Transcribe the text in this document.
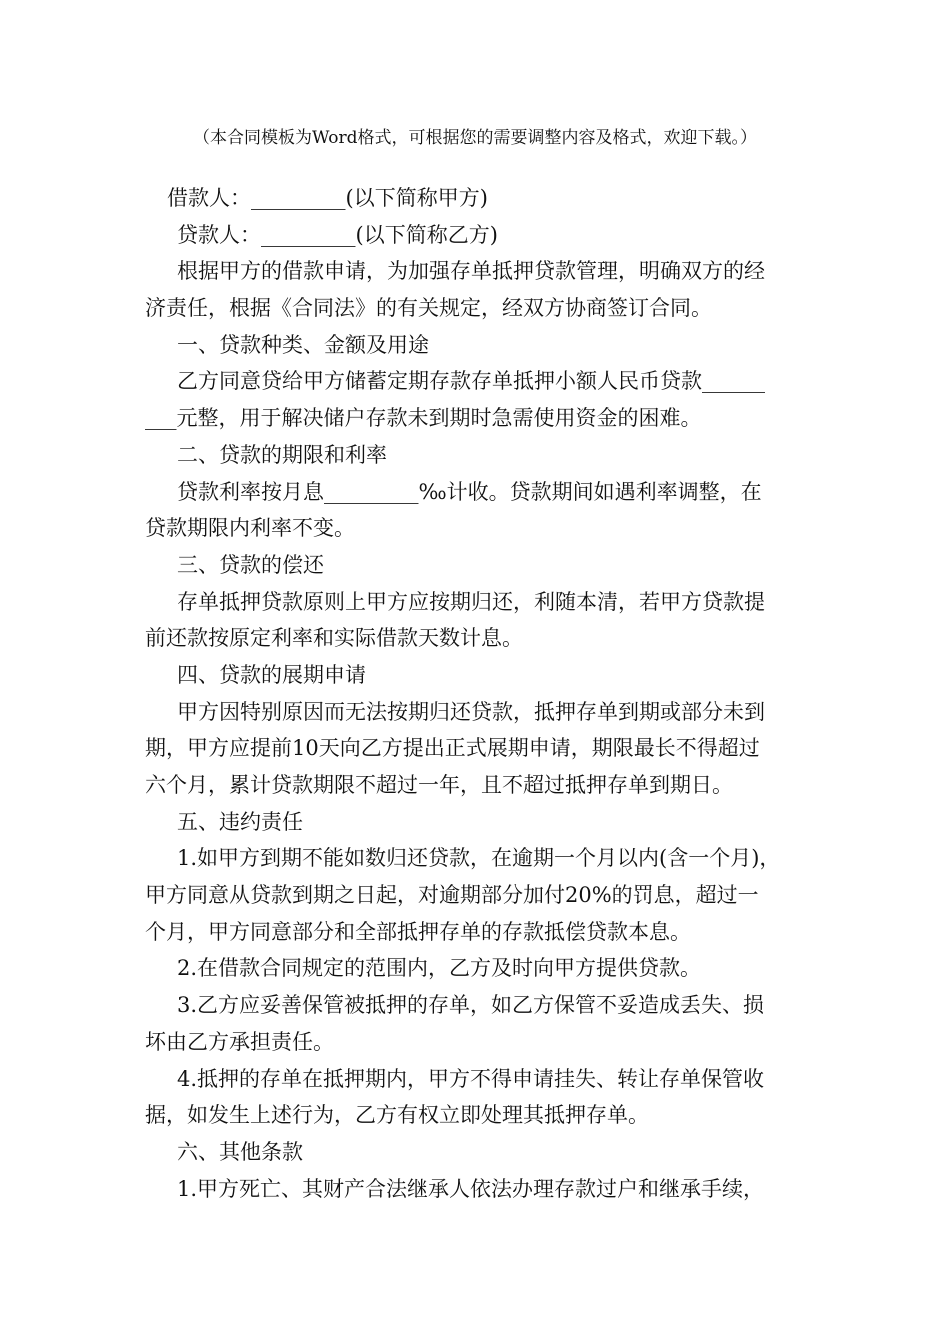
（本合同模板为Word格式，可根据您的需要调整内容及格式，欢迎下载。）
借款人：_________(以下简称甲方)
贷款人：_________(以下简称乙方)
根据甲方的借款申请，为加强存单抵押贷款管理，明确双方的经
济责任，根据《合同法》的有关规定，经双方协商签订合同。
一、贷款种类、金额及用途
乙方同意贷给甲方储蓄定期存款存单抵押小额人民币贷款______
___元整，用于解决储户存款未到期时急需使用资金的困难。
二、贷款的期限和利率
贷款利率按月息_________‰计收。贷款期间如遇利率调整，在
贷款期限内利率不变。
三、贷款的偿还
存单抵押贷款原则上甲方应按期归还，利随本清，若甲方贷款提
前还款按原定利率和实际借款天数计息。
四、贷款的展期申请
甲方因特别原因而无法按期归还贷款，抵押存单到期或部分未到
期，甲方应提前10天向乙方提出正式展期申请，期限最长不得超过
六个月，累计贷款期限不超过一年，且不超过抵押存单到期日。
五、违约责任
1.如甲方到期不能如数归还贷款，在逾期一个月以内(含一个月)，
甲方同意从贷款到期之日起，对逾期部分加付20%的罚息，超过一
个月，甲方同意部分和全部抵押存单的存款抵偿贷款本息。
2.在借款合同规定的范围内，乙方及时向甲方提供贷款。
3.乙方应妥善保管被抵押的存单，如乙方保管不妥造成丢失、损
坏由乙方承担责任。
4.抵押的存单在抵押期内，甲方不得申请挂失、转让存单保管收
据，如发生上述行为，乙方有权立即处理其抵押存单。
六、其他条款
1.甲方死亡、其财产合法继承人依法办理存款过户和继承手续，
